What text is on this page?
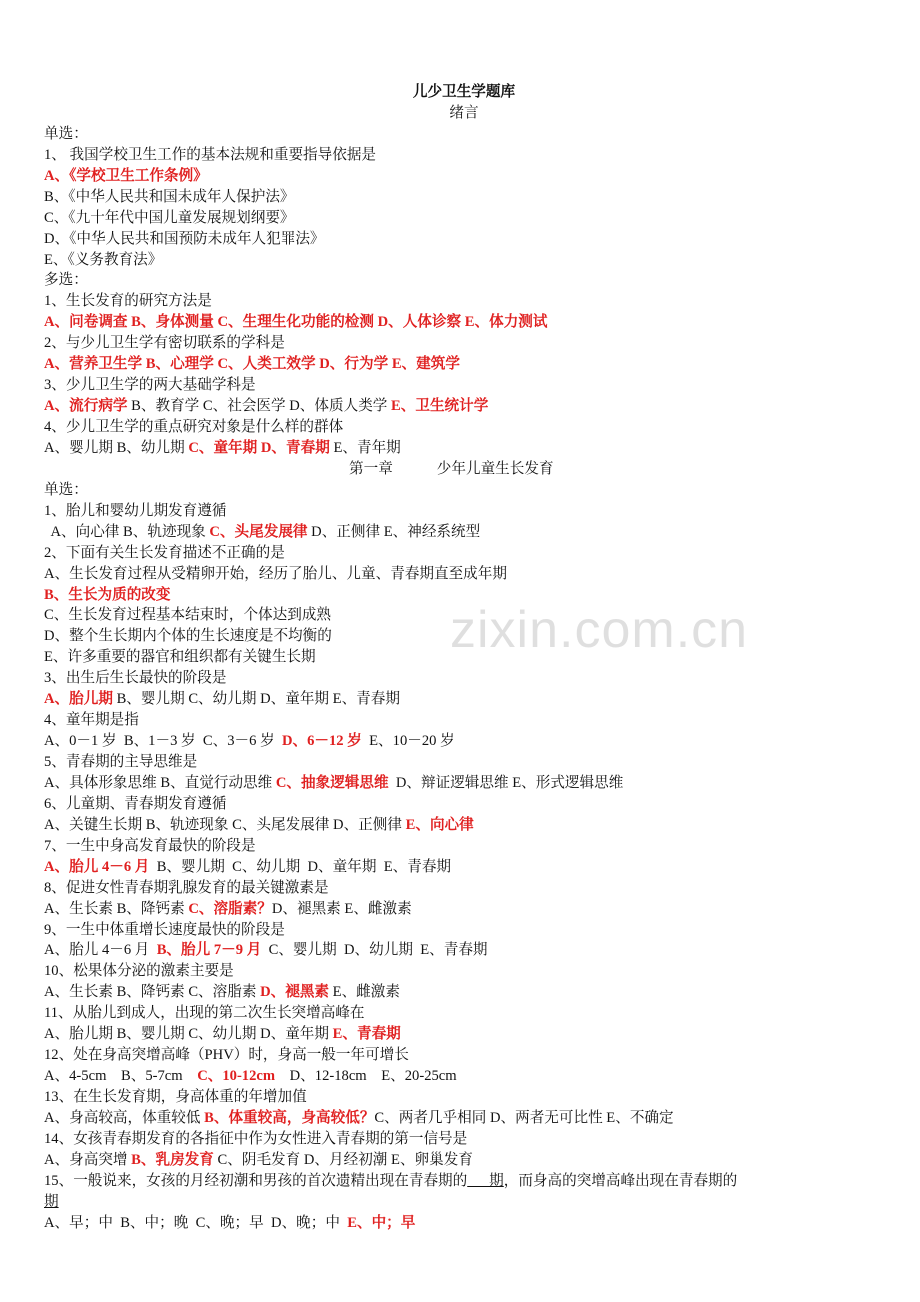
zixin.com.cn
儿少卫生学题库
绪言
单选：
1、 我国学校卫生工作的基本法规和重要指导依据是
A、《学校卫生工作条例》
B、《中华人民共和国未成年人保护法》
C、《九十年代中国儿童发展规划纲要》
D、《中华人民共和国预防未成年人犯罪法》
E、《义务教育法》
多选：
1、生长发育的研究方法是
A、问卷调查 B、身体测量 C、生理生化功能的检测 D、人体诊察 E、体力测试
2、与少儿卫生学有密切联系的学科是
A、营养卫生学 B、心理学 C、人类工效学 D、行为学 E、建筑学
3、少儿卫生学的两大基础学科是
A、流行病学 B、教育学 C、社会医学 D、体质人类学 E、卫生统计学
4、少儿卫生学的重点研究对象是什么样的群体
A、婴儿期 B、幼儿期 C、童年期 D、青春期 E、青年期
第一章	少年儿童生长发育
单选：
1、胎儿和婴幼儿期发育遵循
A、向心律 B、轨迹现象 C、头尾发展律 D、正侧律 E、神经系统型
2、下面有关生长发育描述不正确的是
A、生长发育过程从受精卵开始，经历了胎儿、儿童、青春期直至成年期
B、生长为质的改变
C、生长发育过程基本结束时，个体达到成熟
D、整个生长期内个体的生长速度是不均衡的
E、许多重要的器官和组织都有关键生长期
3、出生后生长最快的阶段是
A、胎儿期 B、婴儿期 C、幼儿期 D、童年期 E、青春期
4、童年期是指
A、0－1 岁  B、1－3 岁  C、3－6 岁  D、6－12 岁  E、10－20 岁
5、青春期的主导思维是
A、具体形象思维 B、直觉行动思维 C、抽象逻辑思维  D、辩证逻辑思维 E、形式逻辑思维
6、儿童期、青春期发育遵循
A、关键生长期 B、轨迹现象 C、头尾发展律 D、正侧律 E、向心律
7、一生中身高发育最快的阶段是
A、胎儿 4－6 月  B、婴儿期  C、幼儿期  D、童年期  E、青春期
8、促进女性青春期乳腺发育的最关键激素是
A、生长素 B、降钙素 C、溶脂素？D、褪黑素 E、雌激素
9、一生中体重增长速度最快的阶段是
A、胎儿 4－6 月  B、胎儿 7－9 月  C、婴儿期  D、幼儿期  E、青春期
10、松果体分泌的激素主要是
A、生长素 B、降钙素 C、溶脂素 D、褪黑素 E、雌激素
11、从胎儿到成人，出现的第二次生长突增高峰在
A、胎儿期 B、婴儿期 C、幼儿期 D、童年期 E、青春期
12、处在身高突增高峰（PHV）时，身高一般一年可增长
A、4-5cm    B、5-7cm    C、10-12cm    D、12-18cm    E、20-25cm
13、在生长发育期，身高体重的年增加值
A、身高较高，体重较低 B、体重较高，身高较低？C、两者几乎相同 D、两者无可比性 E、不确定
14、女孩青春期发育的各指征中作为女性进入青春期的第一信号是
A、身高突增 B、乳房发育 C、阴毛发育 D、月经初潮 E、卵巢发育
15、一般说来，女孩的月经初潮和男孩的首次遗精出现在青春期的      期，而身高的突增高峰出现在青春期的
期
A、早；中  B、中；晚  C、晚；早  D、晚；中  E、中；早
